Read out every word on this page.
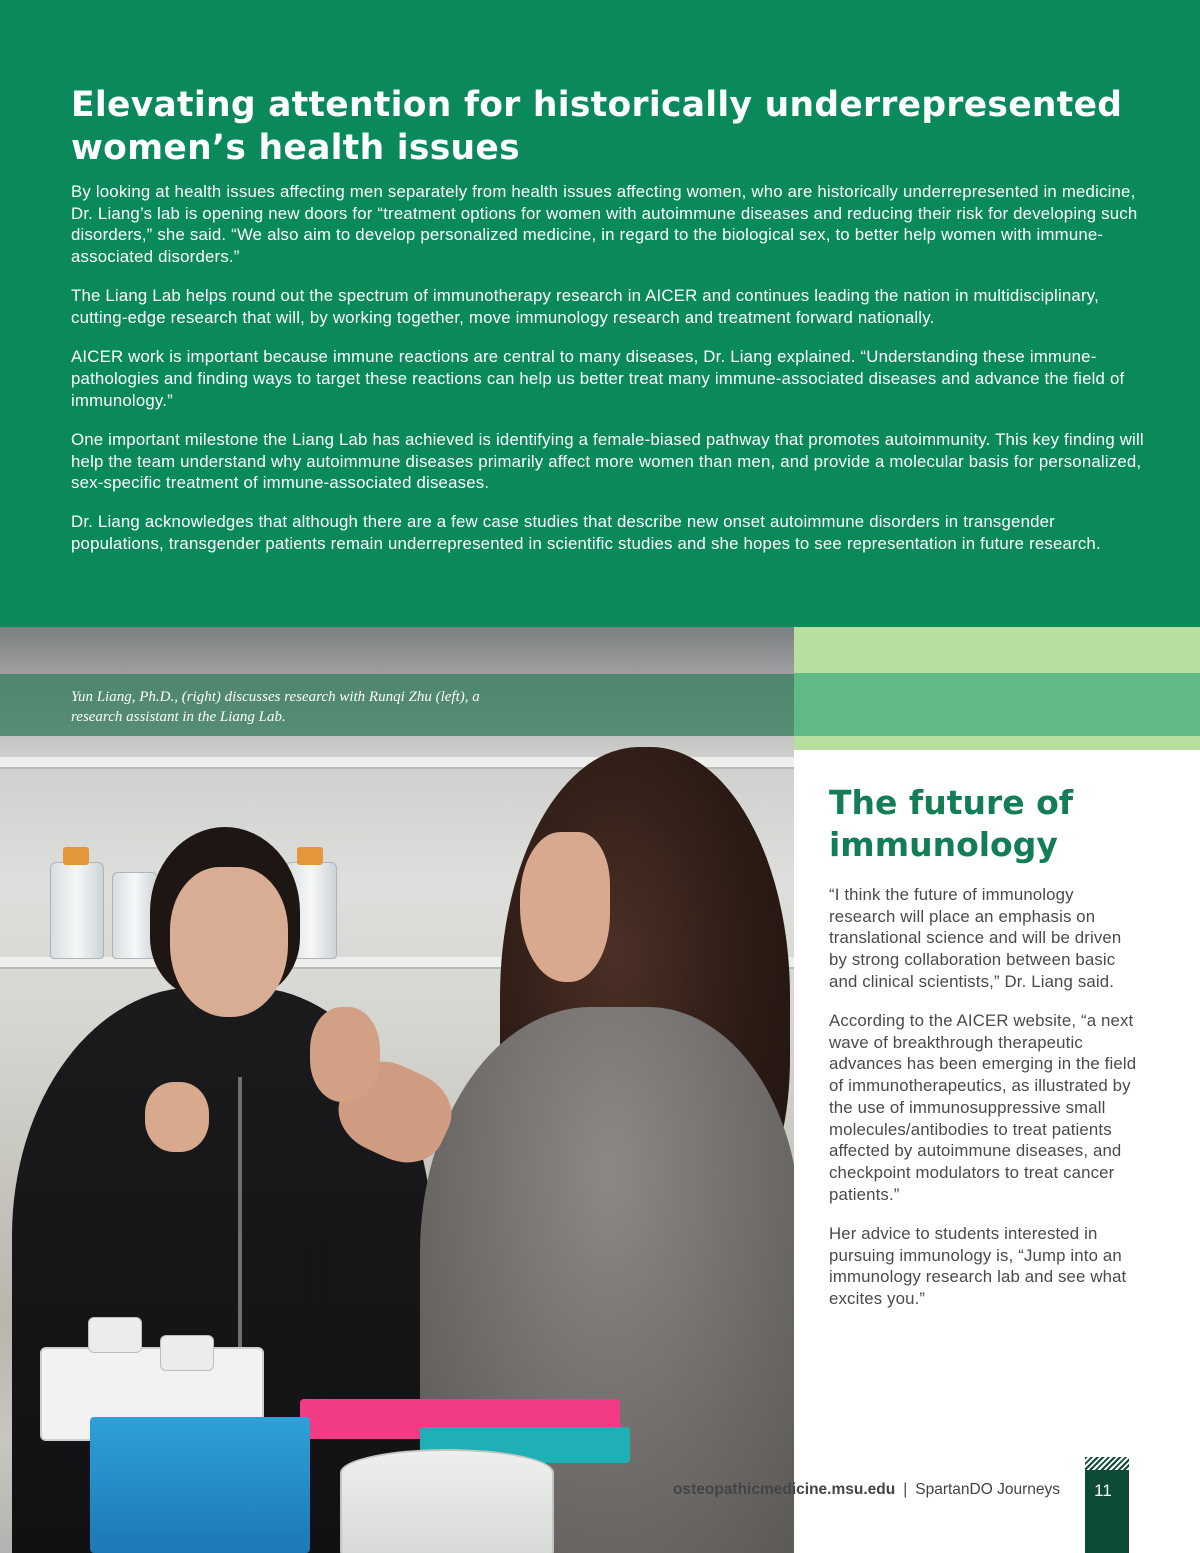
Elevating attention for historically underrepresented women’s health issues

By looking at health issues affecting men separately from health issues affecting women, who are historically underrepresented in medicine, Dr. Liang’s lab is opening new doors for “treatment options for women with autoimmune diseases and reducing their risk for developing such disorders,” she said. “We also aim to develop personalized medicine, in regard to the biological sex, to better help women with immune-associated disorders.”

The Liang Lab helps round out the spectrum of immunotherapy research in AICER and continues leading the nation in multidisciplinary, cutting-edge research that will, by working together, move immunology research and treatment forward nationally.

AICER work is important because immune reactions are central to many diseases, Dr. Liang explained. “Understanding these immune-pathologies and finding ways to target these reactions can help us better treat many immune-associated diseases and advance the field of immunology.”

One important milestone the Liang Lab has achieved is identifying a female-biased pathway that promotes autoimmunity. This key finding will help the team understand why autoimmune diseases primarily affect more women than men, and provide a molecular basis for personalized, sex-specific treatment of immune-associated diseases.

Dr. Liang acknowledges that although there are a few case studies that describe new onset autoimmune disorders in transgender populations, transgender patients remain underrepresented in scientific studies and she hopes to see representation in future research.

Yun Liang, Ph.D., (right) discusses research with Runqi Zhu (left), a research assistant in the Liang Lab.
The future of immunology

“I think the future of immunology research will place an emphasis on translational science and will be driven by strong collaboration between basic and clinical scientists,” Dr. Liang said.

According to the AICER website, “a next wave of breakthrough therapeutic advances has been emerging in the field of immunotherapeutics, as illustrated by the use of immunosuppressive small molecules/antibodies to treat patients affected by autoimmune diseases, and checkpoint modulators to treat cancer patients.”

Her advice to students interested in pursuing immunology is, “Jump into an immunology research lab and see what excites you.”

osteopathicmedicine.msu.edu | SpartanDO Journeys	11
